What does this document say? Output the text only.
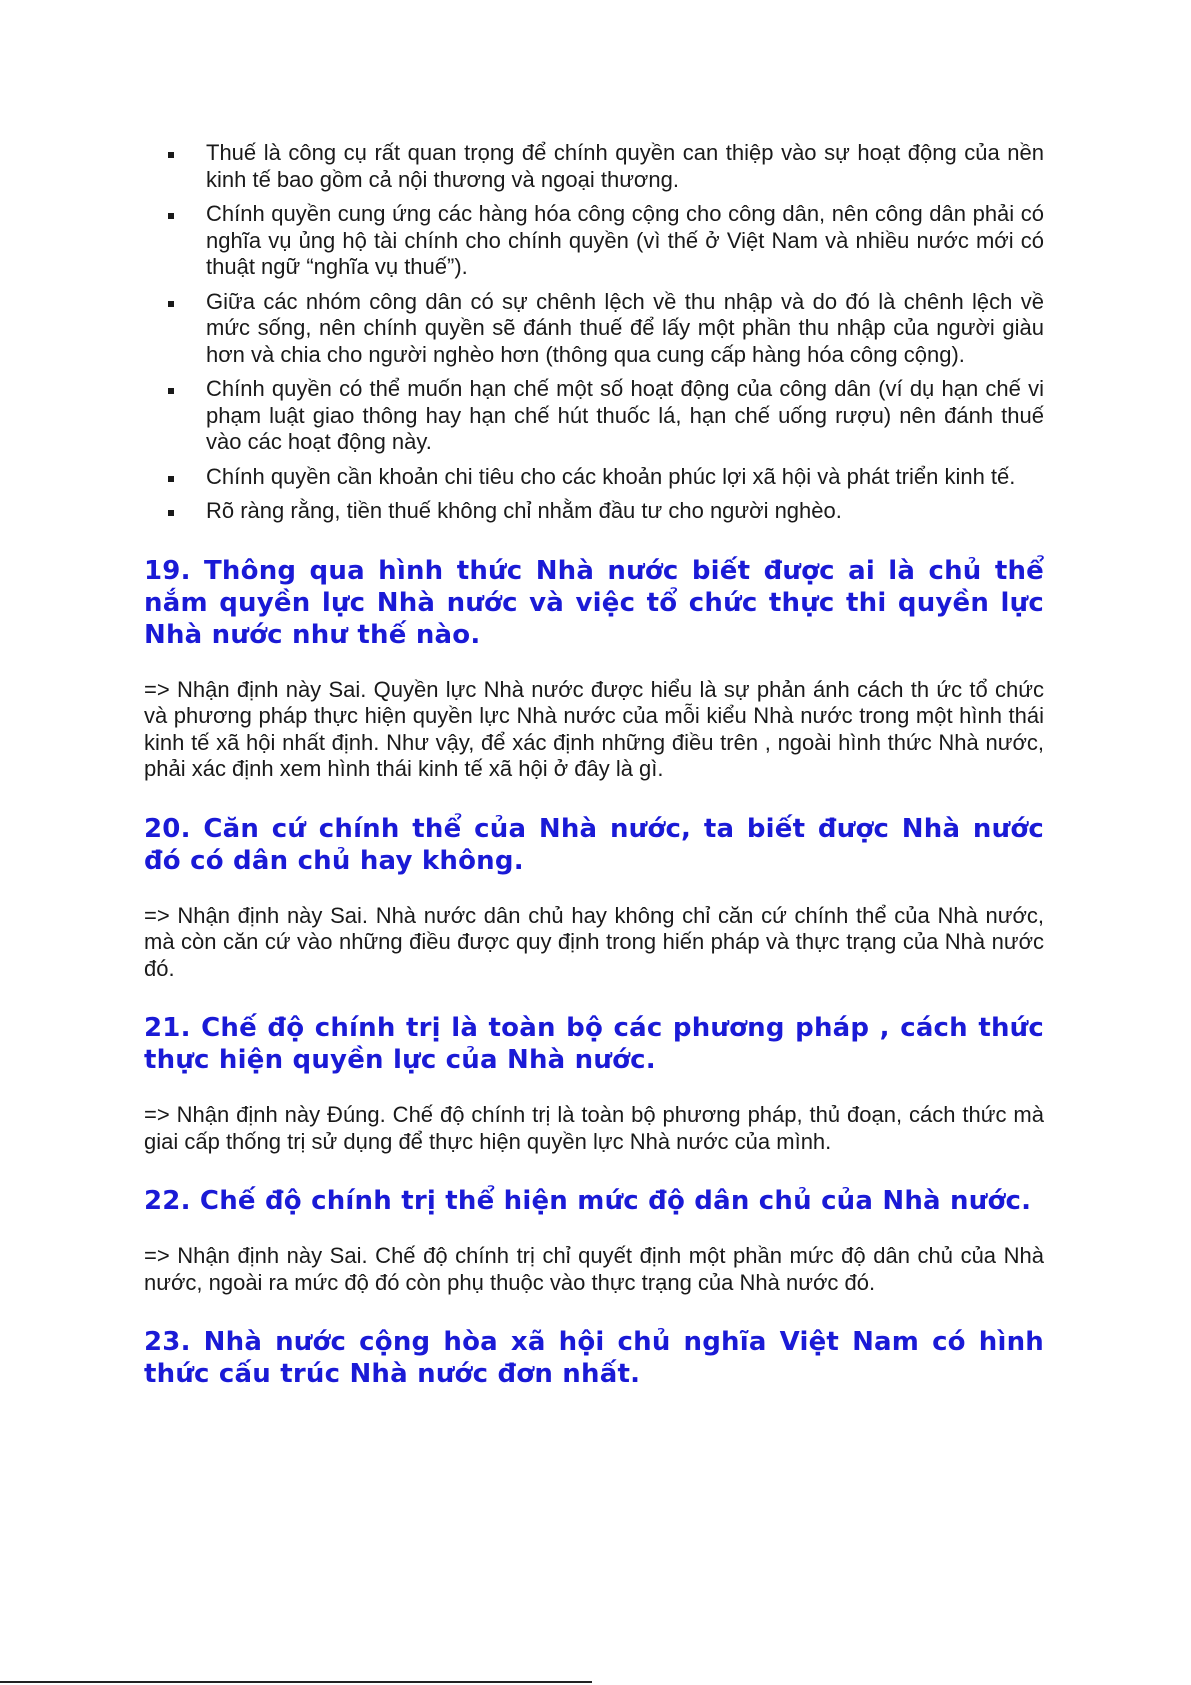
Thuế là công cụ rất quan trọng để chính quyền can thiệp vào sự hoạt động của nền kinh tế bao gồm cả nội thương và ngoại thương.
Chính quyền cung ứng các hàng hóa công cộng cho công dân, nên công dân phải có nghĩa vụ ủng hộ tài chính cho chính quyền (vì thế ở Việt Nam và nhiều nước mới có thuật ngữ “nghĩa vụ thuế”).
Giữa các nhóm công dân có sự chênh lệch về thu nhập và do đó là chênh lệch về mức sống, nên chính quyền sẽ đánh thuế để lấy một phần thu nhập của người giàu hơn và chia cho người nghèo hơn (thông qua cung cấp hàng hóa công cộng).
Chính quyền có thể muốn hạn chế một số hoạt động của công dân (ví dụ hạn chế vi phạm luật giao thông hay hạn chế hút thuốc lá, hạn chế uống rượu) nên đánh thuế vào các hoạt động này.
Chính quyền cần khoản chi tiêu cho các khoản phúc lợi xã hội và phát triển kinh tế.
Rõ ràng rằng, tiền thuế không chỉ nhằm đầu tư cho người nghèo.
19. Thông qua hình thức Nhà nước biết được ai là chủ thể nắm quyền lực Nhà nước và việc tổ chức thực thi quyền lực Nhà nước như thế nào.

=> Nhận định này Sai. Quyền lực Nhà nước được hiểu là sự phản ánh cách th ức tổ chức và phương pháp thực hiện quyền lực Nhà nước của mỗi kiểu Nhà nước trong một hình thái kinh tế xã hội nhất định. Như vậy, để xác định những điều trên , ngoài hình thức Nhà nước, phải xác định xem hình thái kinh tế xã hội ở đây là gì.

20. Căn cứ chính thể của Nhà nước, ta biết được Nhà nước đó có dân chủ hay không.

=> Nhận định này Sai. Nhà nước dân chủ hay không chỉ căn cứ chính thể của Nhà nước, mà còn căn cứ vào những điều được quy định trong hiến pháp và thực trạng của Nhà nước đó.

21. Chế độ chính trị là toàn bộ các phương pháp , cách thức thực hiện quyền lực của Nhà nước.

=> Nhận định này Đúng. Chế độ chính trị là toàn bộ phương pháp, thủ đoạn, cách thức mà giai cấp thống trị sử dụng để thực hiện quyền lực Nhà nước của mình.

22. Chế độ chính trị thể hiện mức độ dân chủ của Nhà nước.

=> Nhận định này Sai. Chế độ chính trị chỉ quyết định một phần mức độ dân chủ của Nhà nước, ngoài ra mức độ đó còn phụ thuộc vào thực trạng của Nhà nước đó.

23. Nhà nước cộng hòa xã hội chủ nghĩa Việt Nam có hình thức cấu trúc Nhà nước đơn nhất.
